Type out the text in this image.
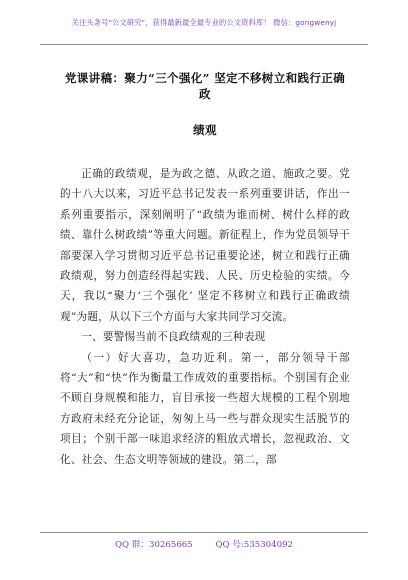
关注头条号"公文研究"，获得最新最全最专业的公文资料库！ 微信：gongwenyj
党课讲稿：聚力“三个强化” 坚定不移树立和践行正确政
绩观

正确的政绩观，是为政之德、从政之道、施政之要。党的十八大以来，习近平总书记发表一系列重要讲话，作出一系列重要指示，深刻阐明了“政绩为谁而树、树什么样的政绩、靠什么树政绩”等重大问题。新征程上，作为党员领导干部要深入学习贯彻习近平总书记重要论述，树立和践行正确政绩观，努力创造经得起实践、人民、历史检验的实绩。今天，我以“聚力‘三个强化’ 坚定不移树立和践行正确政绩观”为题，从以下三个方面与大家共同学习交流。

一、要警惕当前不良政绩观的三种表现

（一）好大喜功，急功近利。第一，部分领导干部将“大”和“快”作为衡量工作成效的重要指标。个别国有企业不顾自身规模和能力，盲目承接一些超大规模的工程个别地方政府未经充分论证，匆匆上马一些与群众现实生活脱节的项目；个别干部一味追求经济的粗放式增长，忽视政治、文化、社会、生态文明等领域的建设。第二，部

QQ 群：30265665	QQ 号:535304092
